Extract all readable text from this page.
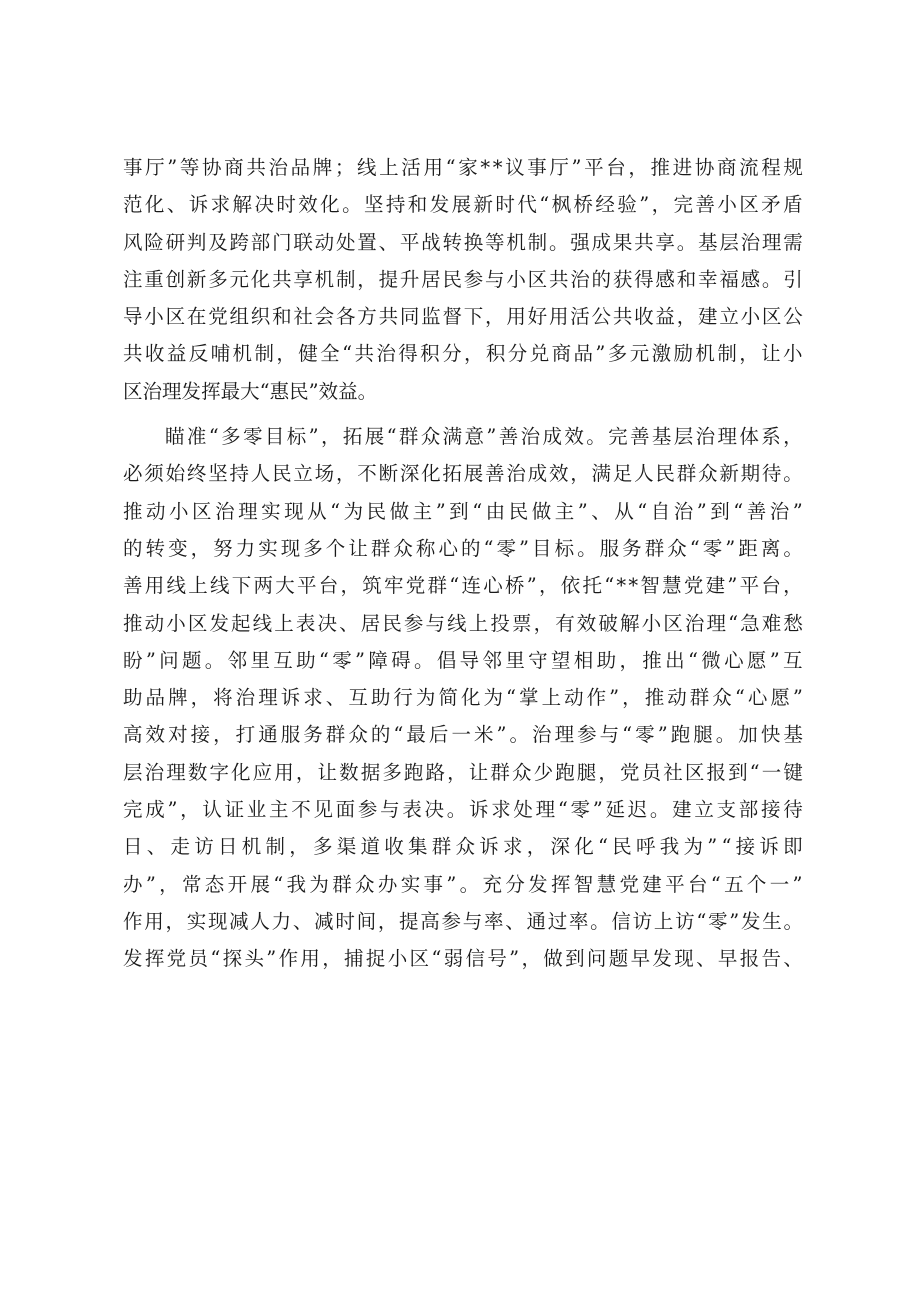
事 厅 ” 等 协 商 共 治 品 牌 ； 线 上 活 用 “ 家 * * 议 事 厅 ” 平 台 ， 推 进 协 商 流 程 规
范 化 、 诉 求 解 决 时 效 化 。 坚 持 和 发 展 新 时 代 “ 枫 桥 经 验 ” ， 完 善 小 区 矛 盾
风 险 研 判 及 跨 部 门 联 动 处 置 、 平 战 转 换 等 机 制 。 强 成 果 共 享 。 基 层 治 理 需
注 重 创 新 多 元 化 共 享 机 制 ， 提 升 居 民 参 与 小 区 共 治 的 获 得 感 和 幸 福 感 。 引
导 小 区 在 党 组 织 和 社 会 各 方 共 同 监 督 下 ， 用 好 用 活 公 共 收 益 ， 建 立 小 区 公
共 收 益 反 哺 机 制 ， 健 全 “ 共 治 得 积 分 ， 积 分 兑 商 品 ” 多 元 激 励 机 制 ， 让 小
区 治 理 发 挥 最 大 “ 惠 民 ” 效 益 。
瞄 准 “ 多 零 目 标 ” ， 拓 展 “ 群 众 满 意 ” 善 治 成 效 。 完 善 基 层 治 理 体 系 ，
必 须 始 终 坚 持 人 民 立 场 ， 不 断 深 化 拓 展 善 治 成 效 ， 满 足 人 民 群 众 新 期 待 。
推 动 小 区 治 理 实 现 从 “ 为 民 做 主 ” 到 “ 由 民 做 主 ” 、 从 “ 自 治 ” 到 “ 善 治 ”
的 转 变 ， 努 力 实 现 多 个 让 群 众 称 心 的 “ 零 ” 目 标 。 服 务 群 众 “ 零 ” 距 离 。
善 用 线 上 线 下 两 大 平 台 ， 筑 牢 党 群 “ 连 心 桥 ” ， 依 托 “ * * 智 慧 党 建 ” 平 台 ，
推 动 小 区 发 起 线 上 表 决 、 居 民 参 与 线 上 投 票 ， 有 效 破 解 小 区 治 理 “ 急 难 愁
盼 ” 问 题 。 邻 里 互 助 “ 零 ” 障 碍 。 倡 导 邻 里 守 望 相 助 ， 推 出 “ 微 心 愿 ” 互
助 品 牌 ， 将 治 理 诉 求 、 互 助 行 为 简 化 为 “ 掌 上 动 作 ” ， 推 动 群 众 “ 心 愿 ”
高 效 对 接 ， 打 通 服 务 群 众 的 “ 最 后 一 米 ” 。 治 理 参 与 “ 零 ” 跑 腿 。 加 快 基
层 治 理 数 字 化 应 用 ， 让 数 据 多 跑 路 ， 让 群 众 少 跑 腿 ， 党 员 社 区 报 到 “ 一 键
完 成 ” ， 认 证 业 主 不 见 面 参 与 表 决 。 诉 求 处 理 “ 零 ” 延 迟 。 建 立 支 部 接 待
日 、 走 访 日 机 制 ， 多 渠 道 收 集 群 众 诉 求 ， 深 化 “ 民 呼 我 为 ” “ 接 诉 即
办 ” ， 常 态 开 展 “ 我 为 群 众 办 实 事 ” 。 充 分 发 挥 智 慧 党 建 平 台 “ 五 个 一 ”
作 用 ， 实 现 减 人 力 、 减 时 间 ， 提 高 参 与 率 、 通 过 率 。 信 访 上 访 “ 零 ” 发 生 。
发 挥 党 员 “ 探 头 ” 作 用 ， 捕 捉 小 区 “ 弱 信 号 ” ， 做 到 问 题 早 发 现 、 早 报 告 、
